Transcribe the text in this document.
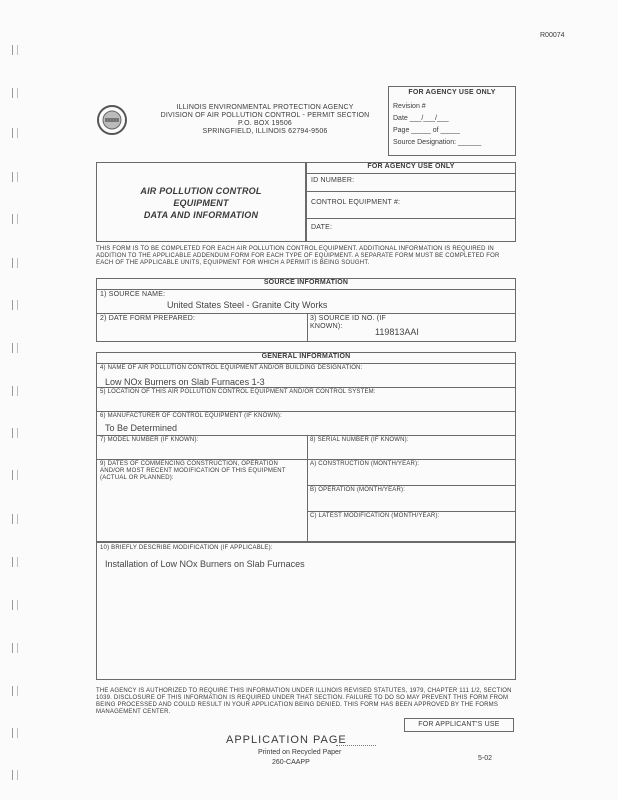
R00074
ILLINOIS ENVIRONMENTAL PROTECTION AGENCY
DIVISION OF AIR POLLUTION CONTROL - PERMIT SECTION
P.O. BOX 19506
SPRINGFIELD, ILLINOIS 62794-9506
FOR AGENCY USE ONLY
Revision #
Date ___/___/___
Page _____ of _____
Source Designation: ______
AIR POLLUTION CONTROL
EQUIPMENT
DATA AND INFORMATION
FOR AGENCY USE ONLY
ID NUMBER:
CONTROL EQUIPMENT #:
DATE:
THIS FORM IS TO BE COMPLETED FOR EACH AIR POLLUTION CONTROL EQUIPMENT. ADDITIONAL INFORMATION IS REQUIRED IN ADDITION TO THE APPLICABLE ADDENDUM FORM FOR EACH TYPE OF EQUIPMENT. A SEPARATE FORM MUST BE COMPLETED FOR EACH OF THE APPLICABLE UNITS, EQUIPMENT FOR WHICH A PERMIT IS BEING SOUGHT.
SOURCE INFORMATION
1) SOURCE NAME:
United States Steel - Granite City Works
2) DATE FORM PREPARED:	3) SOURCE ID NO. (IF KNOWN):
119813AAI
GENERAL INFORMATION
4) NAME OF AIR POLLUTION CONTROL EQUIPMENT AND/OR BUILDING DESIGNATION:
Low NOx Burners on Slab Furnaces 1-3
5) LOCATION OF THIS AIR POLLUTION CONTROL EQUIPMENT AND/OR CONTROL SYSTEM:
6) MANUFACTURER OF CONTROL EQUIPMENT (IF KNOWN):
To Be Determined
7) MODEL NUMBER (IF KNOWN):	8) SERIAL NUMBER (IF KNOWN):
9) DATES OF COMMENCING CONSTRUCTION, OPERATION AND/OR MOST RECENT MODIFICATION OF THIS EQUIPMENT (ACTUAL OR PLANNED):
A) CONSTRUCTION (MONTH/YEAR):
B) OPERATION (MONTH/YEAR):
C) LATEST MODIFICATION (MONTH/YEAR):
10) BRIEFLY DESCRIBE MODIFICATION (IF APPLICABLE):
Installation of Low NOx Burners on Slab Furnaces
THE AGENCY IS AUTHORIZED TO REQUIRE THIS INFORMATION UNDER ILLINOIS REVISED STATUTES, 1979, CHAPTER 111 1/2, SECTION 1039. DISCLOSURE OF THIS INFORMATION IS REQUIRED UNDER THAT SECTION. FAILURE TO DO SO MAY PREVENT THIS FORM FROM BEING PROCESSED AND COULD RESULT IN YOUR APPLICATION BEING DENIED. THIS FORM HAS BEEN APPROVED BY THE FORMS MANAGEMENT CENTER.
FOR APPLICANT'S USE
APPLICATION PAGE
Printed on Recycled Paper
260-CAAPP
5-02
